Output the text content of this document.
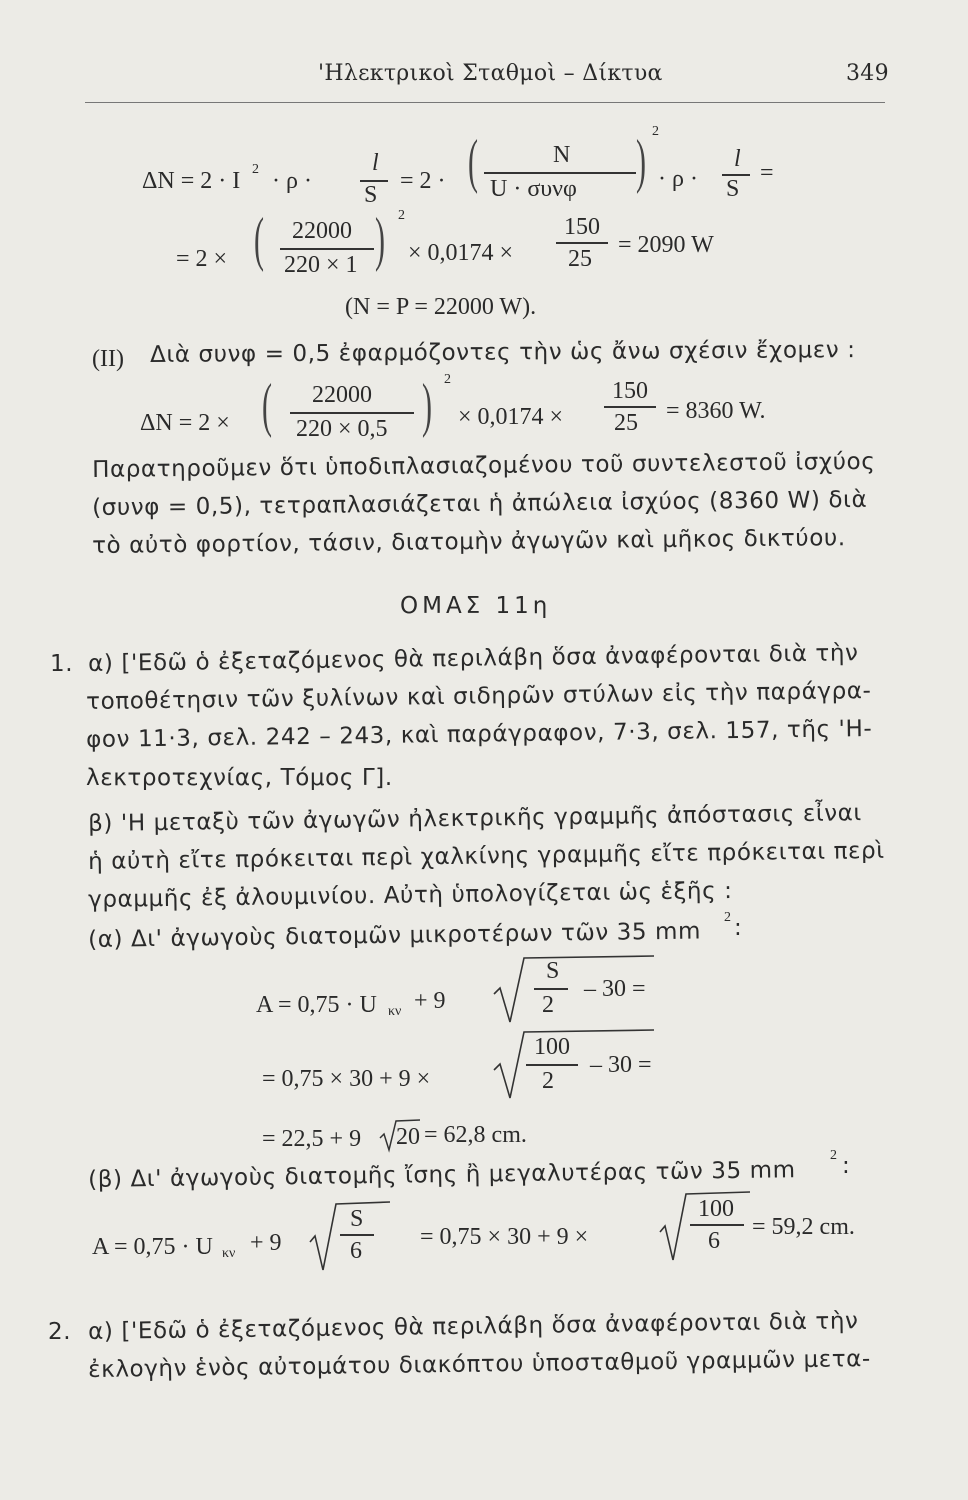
'Ηλεκτρικοὶ Σταθμοὶ – Δίκτυα	349
ΔN = 2 · I 2 · ρ ·
l
S
= 2 · (	N
U · συνφ ) 2
· ρ ·
l
S
=
= 2 × ( 22000
220 × 1 ) 2
× 0,0174 ×
150
25
= 2090 W
(N = P = 22000 W).
(II) Διὰ συνφ = 0,5 ἐφαρμόζοντες τὴν ὡς ἄνω σχέσιν ἔχομεν :
ΔN = 2 × ( 22000
220 × 0,5 ) 2
× 0,0174 ×
150
25 = 8360 W.
Παρατηροῦμεν ὅτι ὑποδιπλασιαζομένου τοῦ συντελεστοῦ ἰσχύος
(συνφ = 0,5), τετραπλασιάζεται ἡ ἀπώλεια ἰσχύος (8360 W) διὰ
τὸ αὐτὸ φορτίον, τάσιν, διατομὴν ἀγωγῶν καὶ μῆκος δικτύου.
ΟΜΑΣ 11η
1. α) ['Εδῶ ὁ ἐξεταζόμενος θὰ περιλάβη ὅσα ἀναφέρονται διὰ τὴν
τοποθέτησιν τῶν ξυλίνων καὶ σιδηρῶν στύλων εἰς τὴν παράγρα-
φον 11·3, σελ. 242 – 243, καὶ παράγραφον, 7·3, σελ. 157, τῆς 'Η-
λεκτροτεχνίας, Τόμος Γ].
β) 'Η μεταξὺ τῶν ἀγωγῶν ἠλεκτρικῆς γραμμῆς ἀπόστασις εἶναι
ἡ αὐτὴ εἴτε πρόκειται περὶ χαλκίνης γραμμῆς εἴτε πρόκειται περὶ
γραμμῆς ἐξ ἀλουμινίου. Αὐτὴ ὑπολογίζεται ὡς ἑξῆς :
(α) Δι' ἀγωγοὺς διατομῶν μικροτέρων τῶν 35 mm
2 :
A = 0,75 · U κν + 9
S
2
– 30 =
= 0,75 × 30 + 9 ×
100
2
– 30 =
= 22,5 + 9 20 = 62,8 cm.
(β) Δι' ἀγωγοὺς διατομῆς ἴσης ἢ μεγαλυτέρας τῶν 35 mm
2 :
A = 0,75 · U κν + 9
S
6
= 0,75 × 30 + 9 ×
100
6
= 59,2 cm.
2. α) ['Εδῶ ὁ ἐξεταζόμενος θὰ περιλάβη ὅσα ἀναφέρονται διὰ τὴν
ἐκλογὴν ἑνὸς αὐτομάτου διακόπτου ὑποσταθμοῦ γραμμῶν μετα-
